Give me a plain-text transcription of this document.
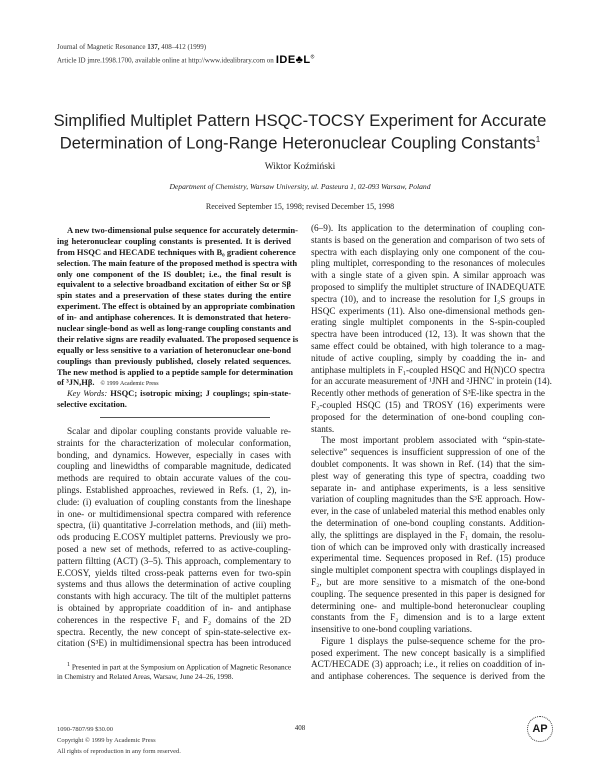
Journal of Magnetic Resonance 137, 408–412 (1999)
Article ID jmre.1998.1700, available online at http://www.idealibrary.com on IDE♣L®
Simplified Multiplet Pattern HSQC-TOCSY Experiment for Accurate
Determination of Long-Range Heteronuclear Coupling Constants$^1$
Wiktor Koźmiński
Department of Chemistry, Warsaw University, ul. Pasteura 1, 02-093 Warsaw, Poland
Received September 15, 1998; revised December 15, 1998
A new two-dimensional pulse sequence for accurately determin-
ing heteronuclear coupling constants is presented. It is derived
from HSQC and HECADE techniques with B₀ gradient coherence
selection. The main feature of the proposed method is spectra with
only one component of the IS doublet; i.e., the final result is
equivalent to a selective broadband excitation of either Sα or Sβ
spin states and a preservation of these states during the entire
experiment. The effect is obtained by an appropriate combination
of in- and antiphase coherences. It is demonstrated that hetero-
nuclear single-bond as well as long-range coupling constants and
their relative signs are readily evaluated. The proposed sequence is
equally or less sensitive to a variation of heteronuclear one-bond
couplings than previously published, closely related sequences.
The new method is applied to a peptide sample for determination
of ³JN,Hβ. © 1999 Academic Press
Key Words: HSQC; isotropic mixing; J couplings; spin-state-
selective excitation.
Scalar and dipolar coupling constants provide valuable re-
straints for the characterization of molecular conformation,
bonding, and dynamics. However, especially in cases with
coupling and linewidths of comparable magnitude, dedicated
methods are required to obtain accurate values of the cou-
plings. Established approaches, reviewed in Refs. (1, 2), in-
clude: (i) evaluation of coupling constants from the lineshape
in one- or multidimensional spectra compared with reference
spectra, (ii) quantitative J-correlation methods, and (iii) meth-
ods producing E.COSY multiplet patterns. Previously we pro-
posed a new set of methods, referred to as active-coupling-
pattern filtting (ACT) (3–5). This approach, complementary to
E.COSY, yields tilted cross-peak patterns even for two-spin
systems and thus allows the determination of active coupling
constants with high accuracy. The tilt of the multiplet patterns
is obtained by appropriate coaddition of in- and antiphase
coherences in the respective F₁ and F₂ domains of the 2D
spectra. Recently, the new concept of spin-state-selective ex-
citation (S³E) in multidimensional spectra has been introduced
(6–9). Its application to the determination of coupling con-
stants is based on the generation and comparison of two sets of
spectra with each displaying only one component of the cou-
pling multiplet, corresponding to the resonances of molecules
with a single state of a given spin. A similar approach was
proposed to simplify the multiplet structure of INADEQUATE
spectra (10), and to increase the resolution for I₂S groups in
HSQC experiments (11). Also one-dimensional methods gen-
erating single multiplet components in the S-spin-coupled
spectra have been introduced (12, 13). It was shown that the
same effect could be obtained, with high tolerance to a mag-
nitude of active coupling, simply by coadding the in- and
antiphase multiplets in F₁-coupled HSQC and H(N)CO spectra
for an accurate measurement of ¹JNH and ²JHNC′ in protein (14).
Recently other methods of generation of S³E-like spectra in the
F₂-coupled HSQC (15) and TROSY (16) experiments were
proposed for the determination of one-bond coupling con-
stants.
The most important problem associated with “spin-state-
selective” sequences is insufficient suppression of one of the
doublet components. It was shown in Ref. (14) that the sim-
plest way of generating this type of spectra, coadding two
separate in- and antiphase experiments, is a less sensitive
variation of coupling magnitudes than the S³E approach. How-
ever, in the case of unlabeled material this method enables only
the determination of one-bond coupling constants. Addition-
ally, the splittings are displayed in the F₁ domain, the resolu-
tion of which can be improved only with drastically increased
experimental time. Sequences proposed in Ref. (15) produce
single multiplet component spectra with couplings displayed in
F₂, but are more sensitive to a mismatch of the one-bond
coupling. The sequence presented in this paper is designed for
determining one- and multiple-bond heteronuclear coupling
constants from the F₂ dimension and is to a large extent
insensitive to one-bond coupling variations.
Figure 1 displays the pulse-sequence scheme for the pro-
posed experiment. The new concept basically is a simplified
ACT/HECADE (3) approach; i.e., it relies on coaddition of in-
and antiphase coherences. The sequence is derived from the
$^1$ Presented in part at the Symposium on Application of Magnetic Resonance
in Chemistry and Related Areas, Warsaw, June 24–26, 1998.
1090-7807/99 $30.00
Copyright © 1999 by Academic Press
All rights of reproduction in any form reserved.
408	AP
